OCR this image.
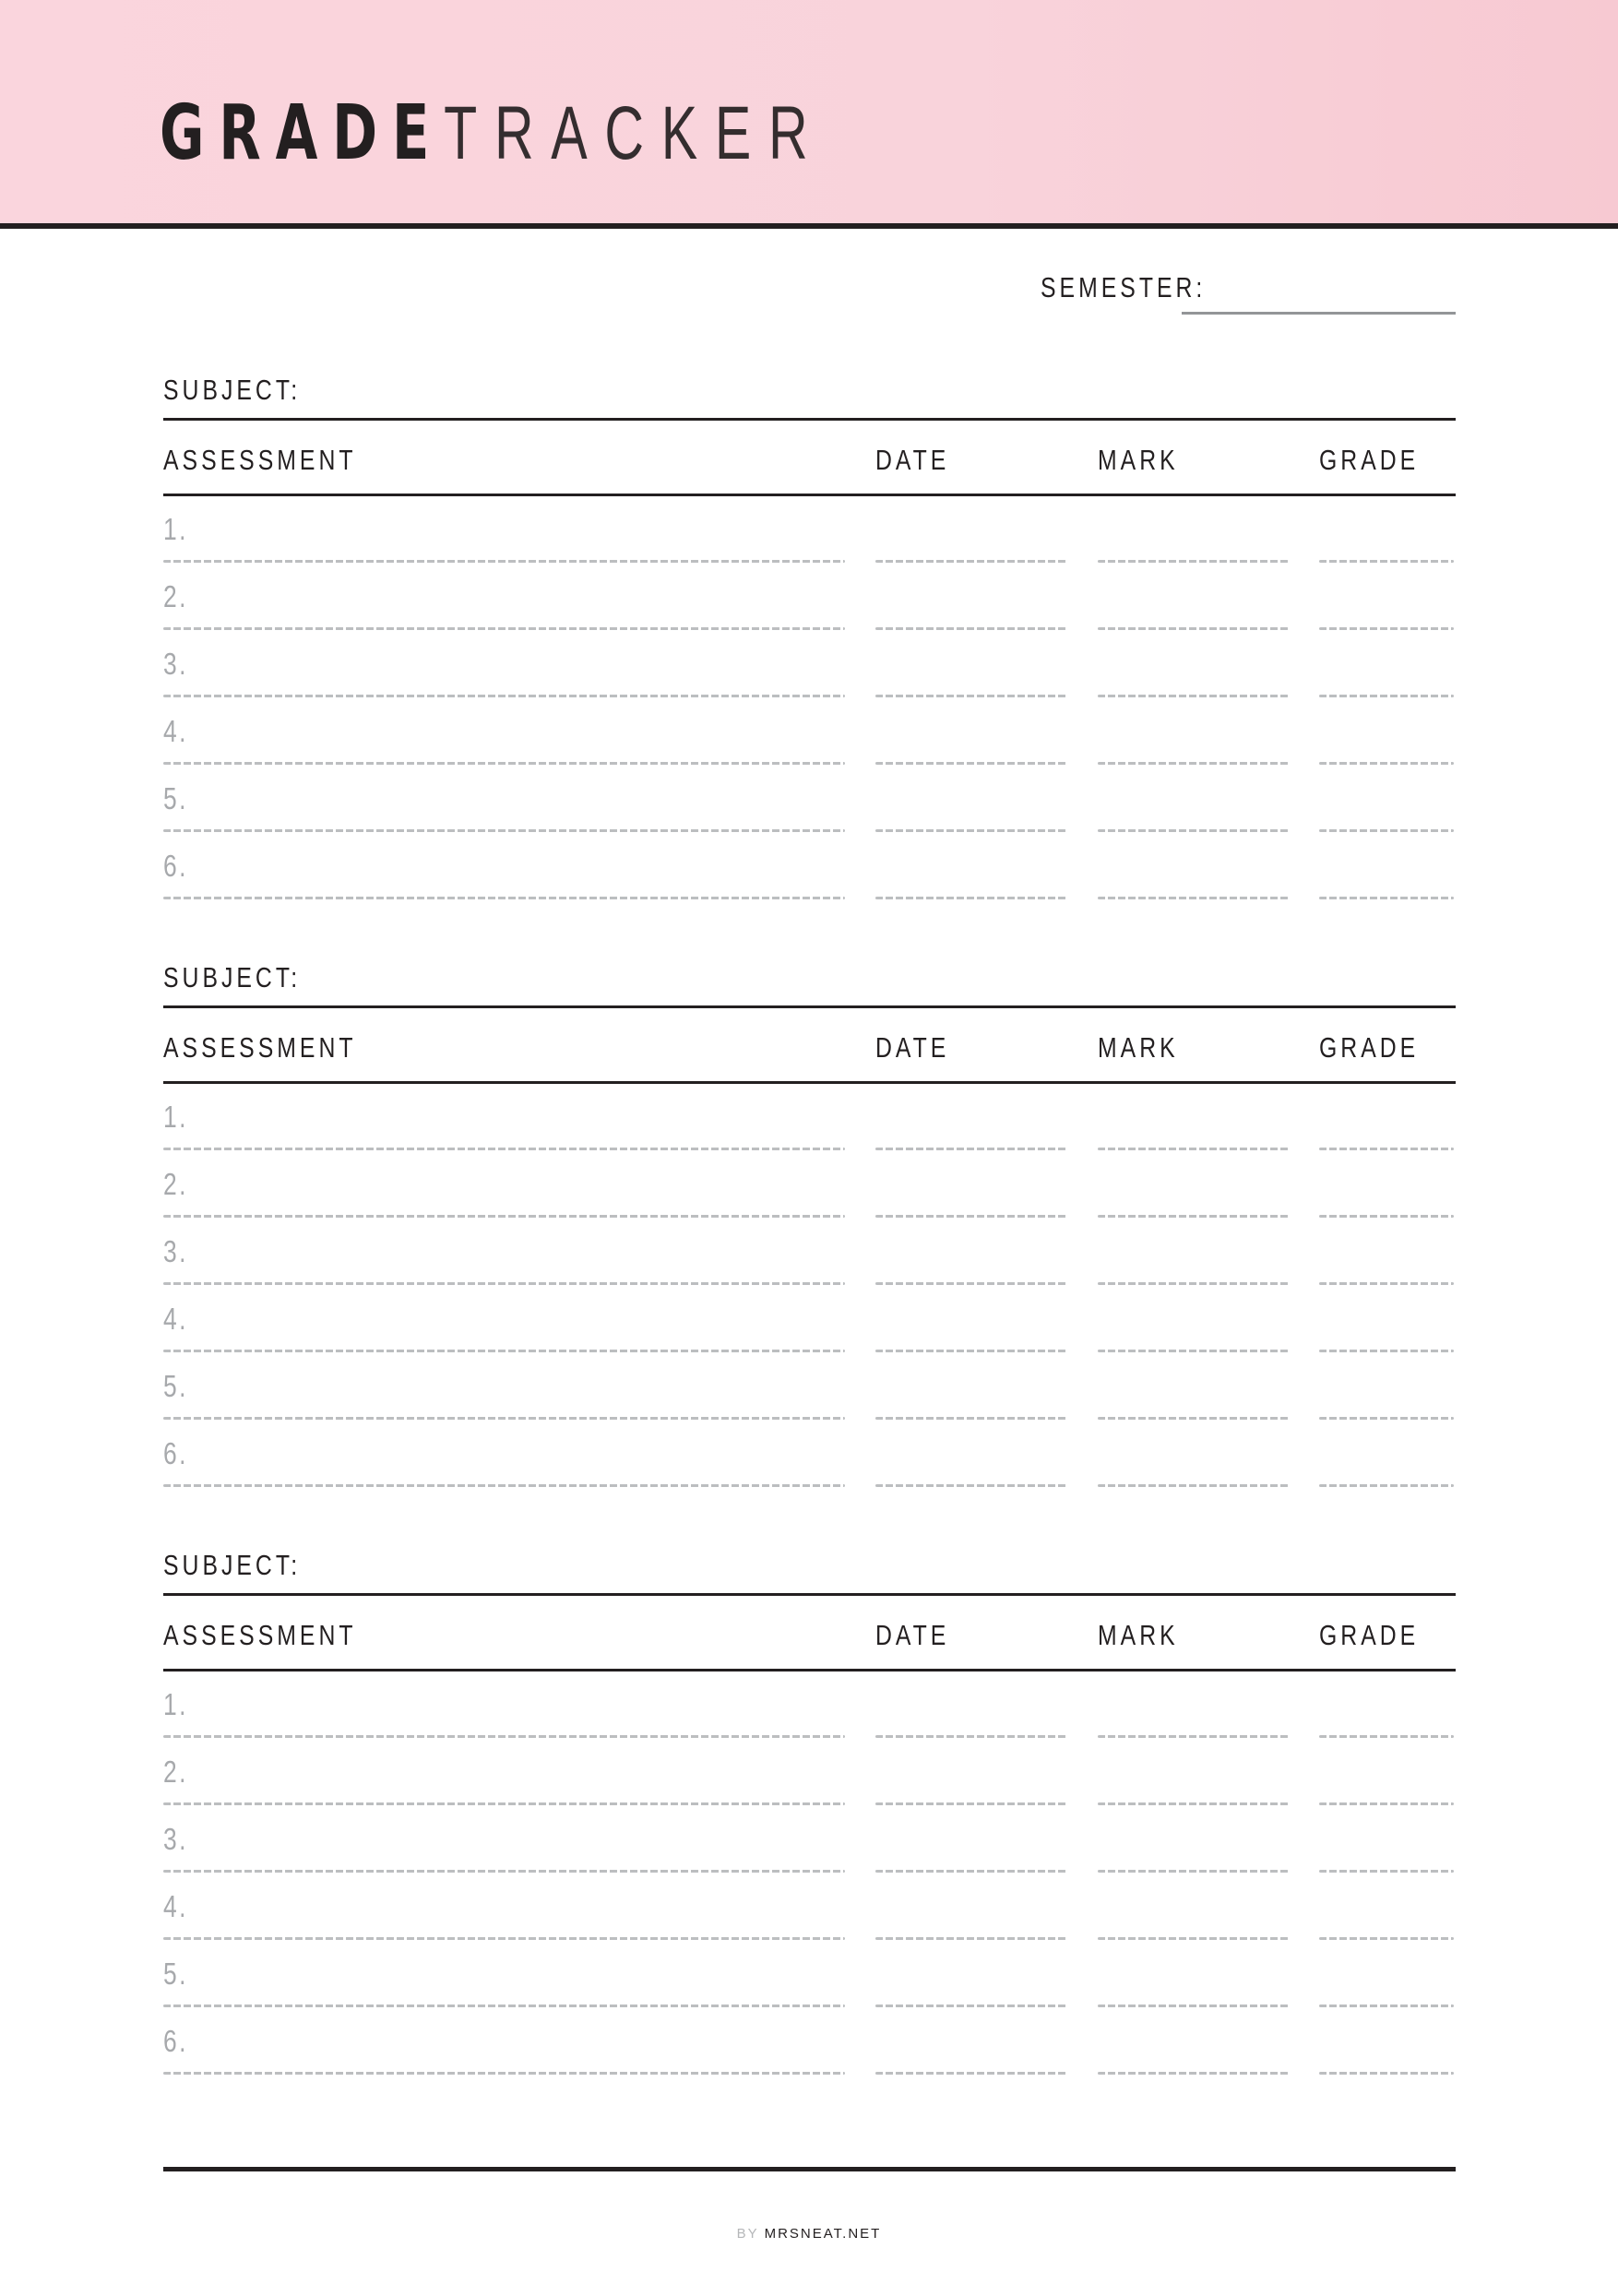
GRADETRACKER
SEMESTER:
SUBJECT:
ASSESSMENT	DATE	MARK	GRADE
1.
2.
3.
4.
5.
6.
SUBJECT:
ASSESSMENT	DATE	MARK	GRADE
1.
2.
3.
4.
5.
6.
SUBJECT:
ASSESSMENT	DATE	MARK	GRADE
1.
2.
3.
4.
5.
6.
BY MRSNEAT.NET
